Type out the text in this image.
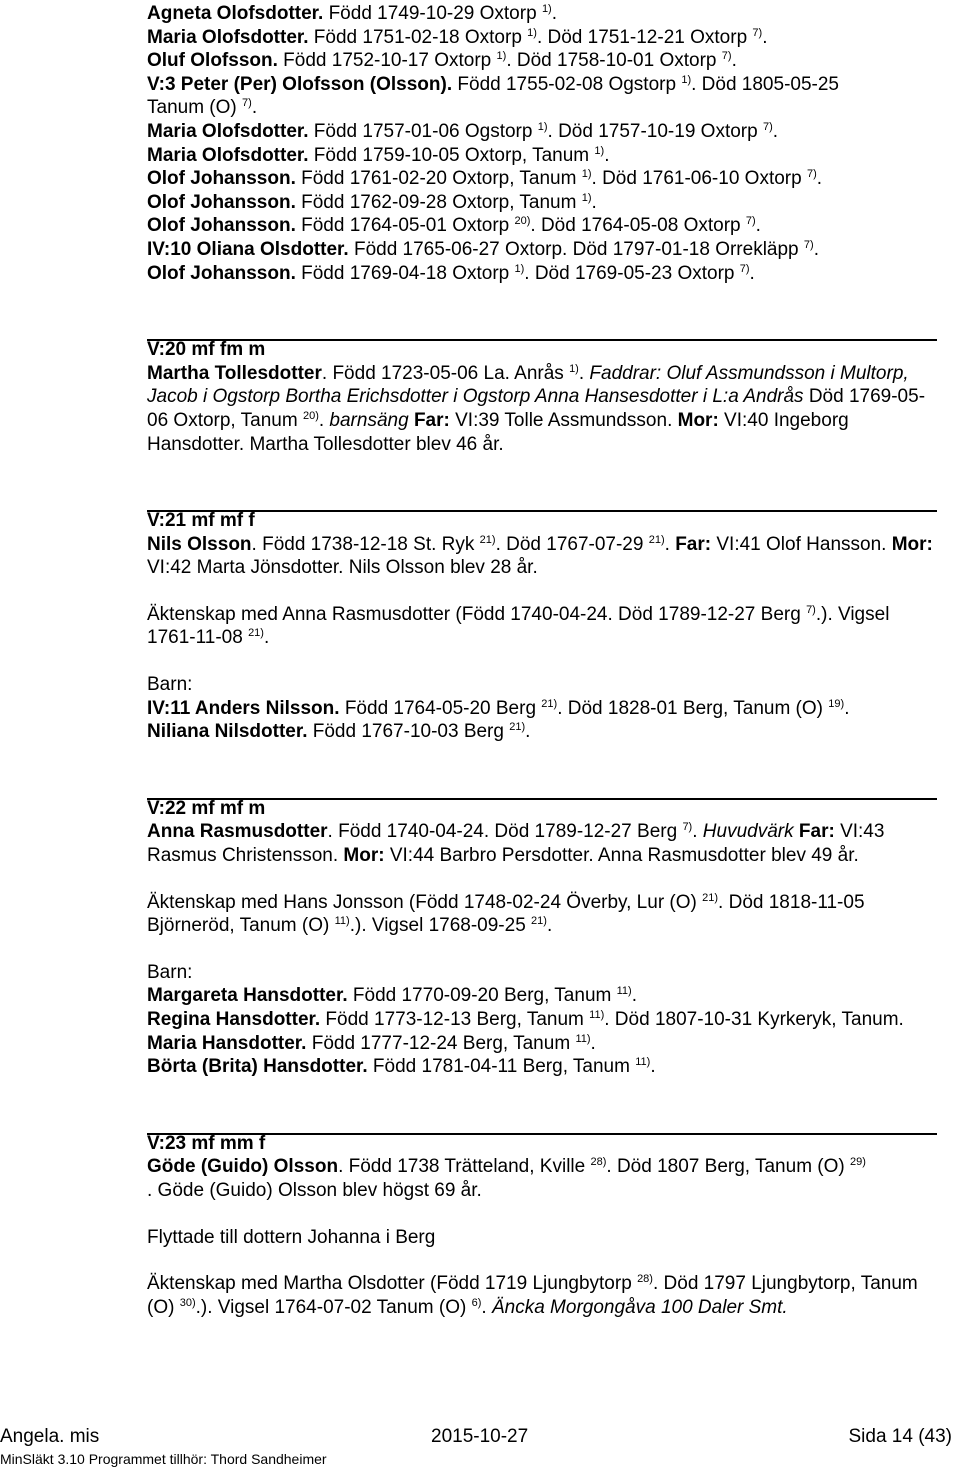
Agneta Olofsdotter. Född 1749-10-29 Oxtorp $^{1)}$.
Maria Olofsdotter. Född 1751-02-18 Oxtorp $^{1)}$. Död 1751-12-21 Oxtorp $^{7)}$.
Oluf Olofsson. Född 1752-10-17 Oxtorp $^{1)}$. Död 1758-10-01 Oxtorp $^{7)}$.
V:3 Peter (Per) Olofsson (Olsson). Född 1755-02-08 Ogstorp $^{1)}$. Död 1805-05-25
Tanum (O) $^{7)}$.
Maria Olofsdotter. Född 1757-01-06 Ogstorp $^{1)}$. Död 1757-10-19 Oxtorp $^{7)}$.
Maria Olofsdotter. Född 1759-10-05 Oxtorp, Tanum $^{1)}$.
Olof Johansson. Född 1761-02-20 Oxtorp, Tanum $^{1)}$. Död 1761-06-10 Oxtorp $^{7)}$.
Olof Johansson. Född 1762-09-28 Oxtorp, Tanum $^{1)}$.
Olof Johansson. Född 1764-05-01 Oxtorp $^{20)}$. Död 1764-05-08 Oxtorp $^{7)}$.
IV:10 Oliana Olsdotter. Född 1765-06-27 Oxtorp. Död 1797-01-18 Orrekläpp $^{7)}$.
Olof Johansson. Född 1769-04-18 Oxtorp $^{1)}$. Död 1769-05-23 Oxtorp $^{7)}$.
V:20 mf fm m
Martha Tollesdotter. Född 1723-05-06 La. Anrås $^{1)}$. Faddrar: Oluf Assmundsson i Multorp, Jacob i Ogstorp Bortha Erichsdotter i Ogstorp Anna Hansesdotter i L:a Andrås Död 1769-05-06 Oxtorp, Tanum $^{20)}$. barnsäng Far: VI:39 Tolle Assmundsson. Mor: VI:40 Ingeborg Hansdotter. Martha Tollesdotter blev 46 år.
V:21 mf mf f
Nils Olsson. Född 1738-12-18 St. Ryk $^{21)}$. Död 1767-07-29 $^{21)}$. Far: VI:41 Olof Hansson. Mor: VI:42 Marta Jönsdotter. Nils Olsson blev 28 år.
Äktenskap med Anna Rasmusdotter (Född 1740-04-24. Död 1789-12-27 Berg $^{7)}$.). Vigsel 1761-11-08 $^{21)}$.
Barn:
IV:11 Anders Nilsson. Född 1764-05-20 Berg $^{21)}$. Död 1828-01 Berg, Tanum (O) $^{19)}$.
Niliana Nilsdotter. Född 1767-10-03 Berg $^{21)}$.
V:22 mf mf m
Anna Rasmusdotter. Född 1740-04-24. Död 1789-12-27 Berg $^{7)}$. Huvudvärk Far: VI:43 Rasmus Christensson. Mor: VI:44 Barbro Persdotter. Anna Rasmusdotter blev 49 år.
Äktenskap med Hans Jonsson (Född 1748-02-24 Överby, Lur (O) $^{21)}$. Död 1818-11-05 Björneröd, Tanum (O) $^{11)}$.). Vigsel 1768-09-25 $^{21)}$.
Barn:
Margareta Hansdotter. Född 1770-09-20 Berg, Tanum $^{11)}$.
Regina Hansdotter. Född 1773-12-13 Berg, Tanum $^{11)}$. Död 1807-10-31 Kyrkeryk, Tanum.
Maria Hansdotter. Född 1777-12-24 Berg, Tanum $^{11)}$.
Börta (Brita) Hansdotter. Född 1781-04-11 Berg, Tanum $^{11)}$.
V:23 mf mm f
Göde (Guido) Olsson. Född 1738 Trätteland, Kville $^{28)}$. Död 1807 Berg, Tanum (O) $^{29)}$
. Göde (Guido) Olsson blev högst 69 år.
Flyttade till dottern Johanna i Berg
Äktenskap med Martha Olsdotter (Född 1719 Ljungbytorp $^{28)}$. Död 1797 Ljungbytorp, Tanum (O) $^{30)}$.). Vigsel 1764-07-02 Tanum (O) $^{6)}$. Äncka Morgongåva 100 Daler Smt.
Angela. mis	2015-10-27	Sida 14 (43)
MinSläkt 3.10 Programmet tillhör: Thord Sandheimer
